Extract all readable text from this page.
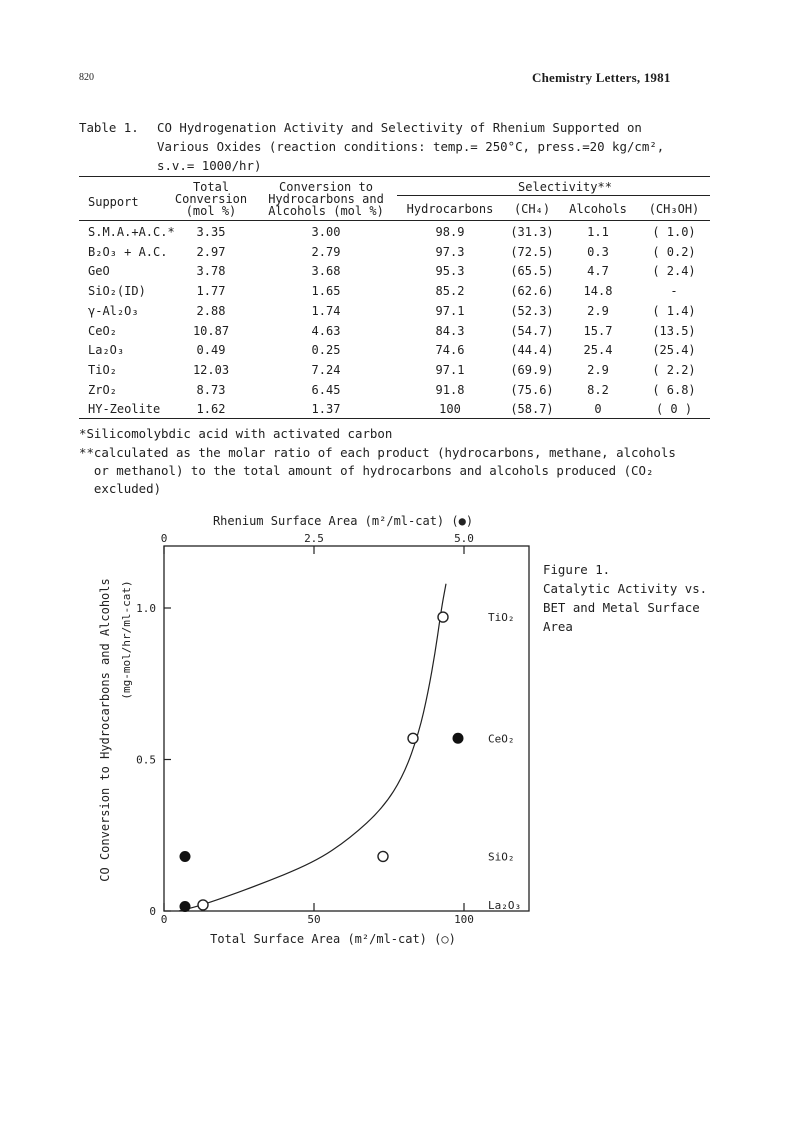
820	Chemistry Letters, 1981
Table 1. CO Hydrogenation Activity and Selectivity of Rhenium Supported on
Various Oxides (reaction conditions: temp.= 250°C, press.=20 kg/cm²,
s.v.= 1000/hr)
Support
Total
Conversion
(mol %)
Conversion to
Hydrocarbons and
Alcohols (mol %)
Selectivity**
Hydrocarbons	(CH₄)	Alcohols	(CH₃OH)
S.M.A.+A.C.*	3.35	3.00	98.9	(31.3)	1.1	( 1.0)
B₂O₃ + A.C.	2.97	2.79	97.3	(72.5)	0.3	( 0.2)
GeO	3.78	3.68	95.3	(65.5)	4.7	( 2.4)
SiO₂(ID)	1.77	1.65	85.2	(62.6)	14.8	-
γ-Al₂O₃	2.88	1.74	97.1	(52.3)	2.9	( 1.4)
CeO₂	10.87	4.63	84.3	(54.7)	15.7	(13.5)
La₂O₃	0.49	0.25	74.6	(44.4)	25.4	(25.4)
TiO₂	12.03	7.24	97.1	(69.9)	2.9	( 2.2)
ZrO₂	8.73	6.45	91.8	(75.6)	8.2	( 6.8)
HY-Zeolite	1.62	1.37	100	(58.7)	0	( 0 )
*Silicomolybdic acid with activated carbon
**calculated as the molar ratio of each product (hydrocarbons, methane, alcohols
or methanol) to the total amount of hydrocarbons and alcohols produced (CO₂
excluded)
Figure 1.
Catalytic Activity vs.
BET and Metal Surface
Area
0	50	100
0	2.5	5.0
0
0.5
1.0
Total Surface Area (m²/ml-cat) (○)
Rhenium Surface Area (m²/ml-cat) (●)
CO Conversion to Hydrocarbons and Alcohols (mg-mol/hr/ml-cat)	TiO₂
CeO₂
SiO₂
La₂O₃
